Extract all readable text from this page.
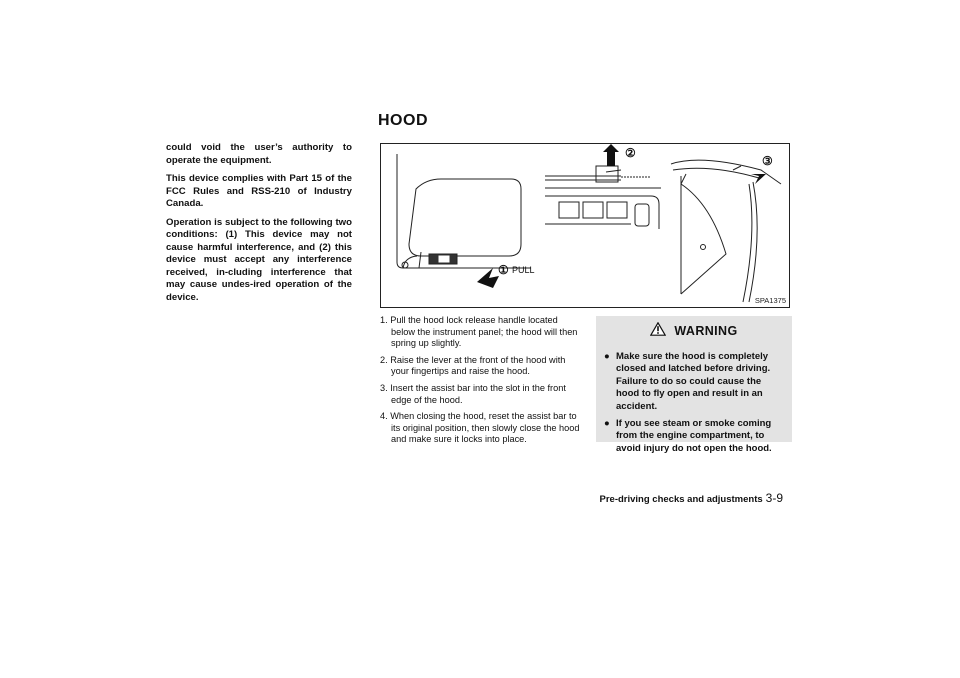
could void the user’s authority to operate the equipment.

This device complies with Part 15 of the FCC Rules and RSS-210 of Industry Canada.

Operation is subject to the following two conditions: (1) This device may not cause harmful interference, and (2) this device must accept any interference received, in-cluding interference that may cause undes-ired operation of the device.

HOOD
① PULL
②
③
SPA1375
1. Pull the hood lock release handle located below the instrument panel; the hood will then spring up slightly.
2. Raise the lever at the front of the hood with your fingertips and raise the hood.
3. Insert the assist bar into the slot in the front edge of the hood.
4. When closing the hood, reset the assist bar to its original position, then slowly close the hood and make sure it locks into place.
WARNING
● Make sure the hood is completely closed and latched before driving. Failure to do so could cause the hood to fly open and result in an accident.
● If you see steam or smoke coming from the engine compartment, to avoid injury do not open the hood.
Pre-driving checks and adjustments 3-9
